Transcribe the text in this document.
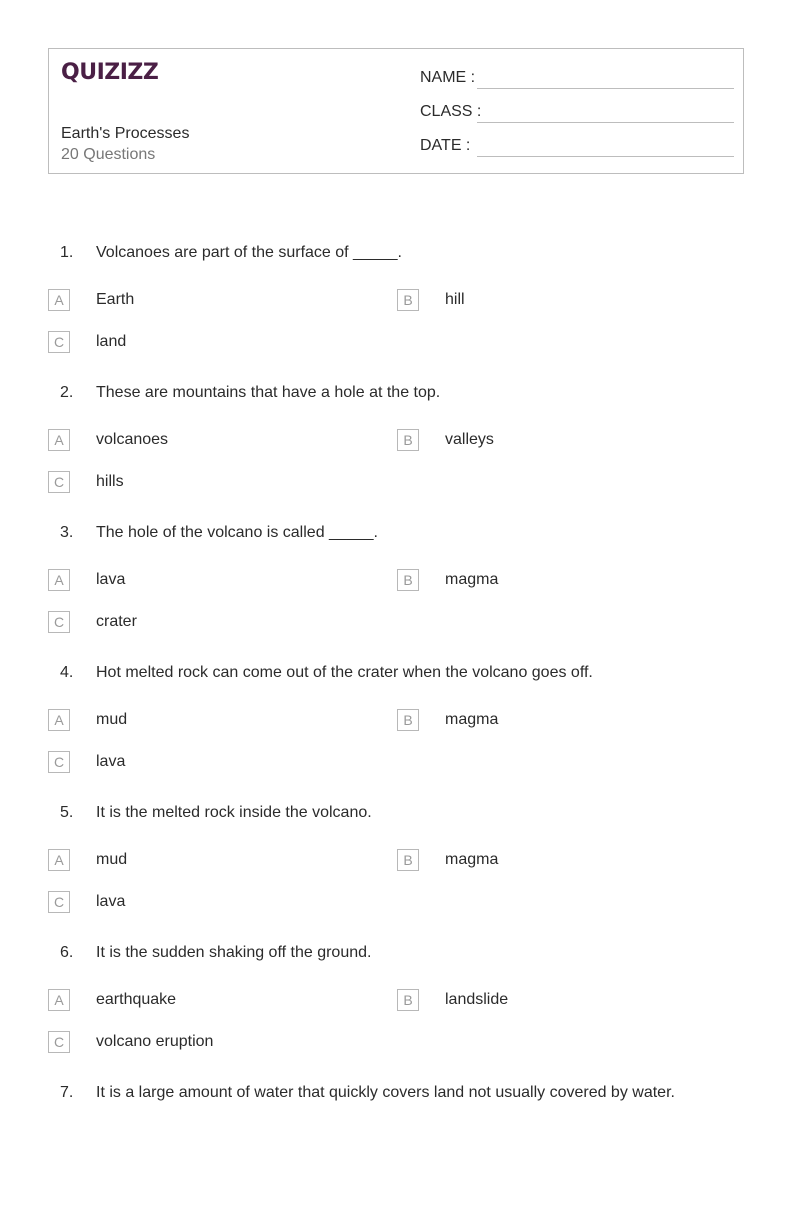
QUIZIZZ
Earth's Processes
20 Questions
NAME :
CLASS :
DATE :
1. Volcanoes are part of the surface of _____.
A	Earth	B	hill
C	land
2. These are mountains that have a hole at the top.
A	volcanoes	B	valleys
C	hills
3. The hole of the volcano is called _____.
A	lava	B	magma
C	crater
4. Hot melted rock can come out of the crater when the volcano goes off.
A	mud	B	magma
C	lava
5. It is the melted rock inside the volcano.
A	mud	B	magma
C	lava
6. It is the sudden shaking off the ground.
A	earthquake	B	landslide
C	volcano eruption
7. It is a large amount of water that quickly covers land not usually covered by water.
